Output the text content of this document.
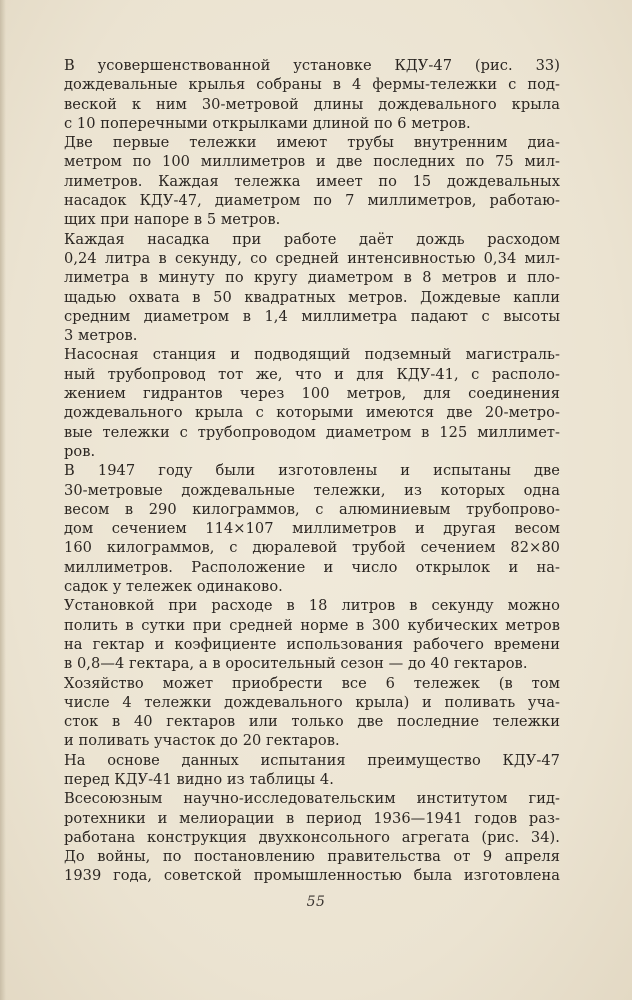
В усовершенствованной установке КДУ-47 (рис. 33)
дождевальные крылья собраны в 4 фермы-тележки с под-
веской к ним 30-метровой длины дождевального крыла
с 10 поперечными открылками длиной по 6 метров.
Две первые тележки имеют трубы внутренним диа-
метром по 100 миллиметров и две последних по 75 мил-
лиметров. Каждая тележка имеет по 15 дождевальных
насадок КДУ-47, диаметром по 7 миллиметров, работаю-
щих при напоре в 5 метров.
Каждая насадка при работе даёт дождь расходом
0,24 литра в секунду, со средней интенсивностью 0,34 мил-
лиметра в минуту по кругу диаметром в 8 метров и пло-
щадью охвата в 50 квадратных метров. Дождевые капли
средним диаметром в 1,4 миллиметра падают с высоты
3 метров.
Насосная станция и подводящий подземный магистраль-
ный трубопровод тот же, что и для КДУ-41, с располо-
жением гидрантов через 100 метров, для соединения
дождевального крыла с которыми имеются две 20-метро-
вые тележки с трубопроводом диаметром в 125 миллимет-
ров.
В 1947 году были изготовлены и испытаны две
30-метровые дождевальные тележки, из которых одна
весом в 290 килограммов, с алюминиевым трубопрово-
дом сечением 114×107 миллиметров и другая весом
160 килограммов, с дюралевой трубой сечением 82×80
миллиметров. Расположение и число открылок и на-
садок у тележек одинаково.
Установкой при расходе в 18 литров в секунду можно
полить в сутки при средней норме в 300 кубических метров
на гектар и коэфициенте использования рабочего времени
в 0,8—4 гектара, а в оросительный сезон — до 40 гектаров.
Хозяйство может приобрести все 6 тележек (в том
числе 4 тележки дождевального крыла) и поливать уча-
сток в 40 гектаров или только две последние тележки
и поливать участок до 20 гектаров.
На основе данных испытания преимущество КДУ-47
перед КДУ-41 видно из таблицы 4.
Всесоюзным научно-исследовательским институтом гид-
ротехники и мелиорации в период 1936—1941 годов раз-
работана конструкция двухконсольного агрегата (рис. 34).
До войны, по постановлению правительства от 9 апреля
1939 года, советской промышленностью была изготовлена
55
